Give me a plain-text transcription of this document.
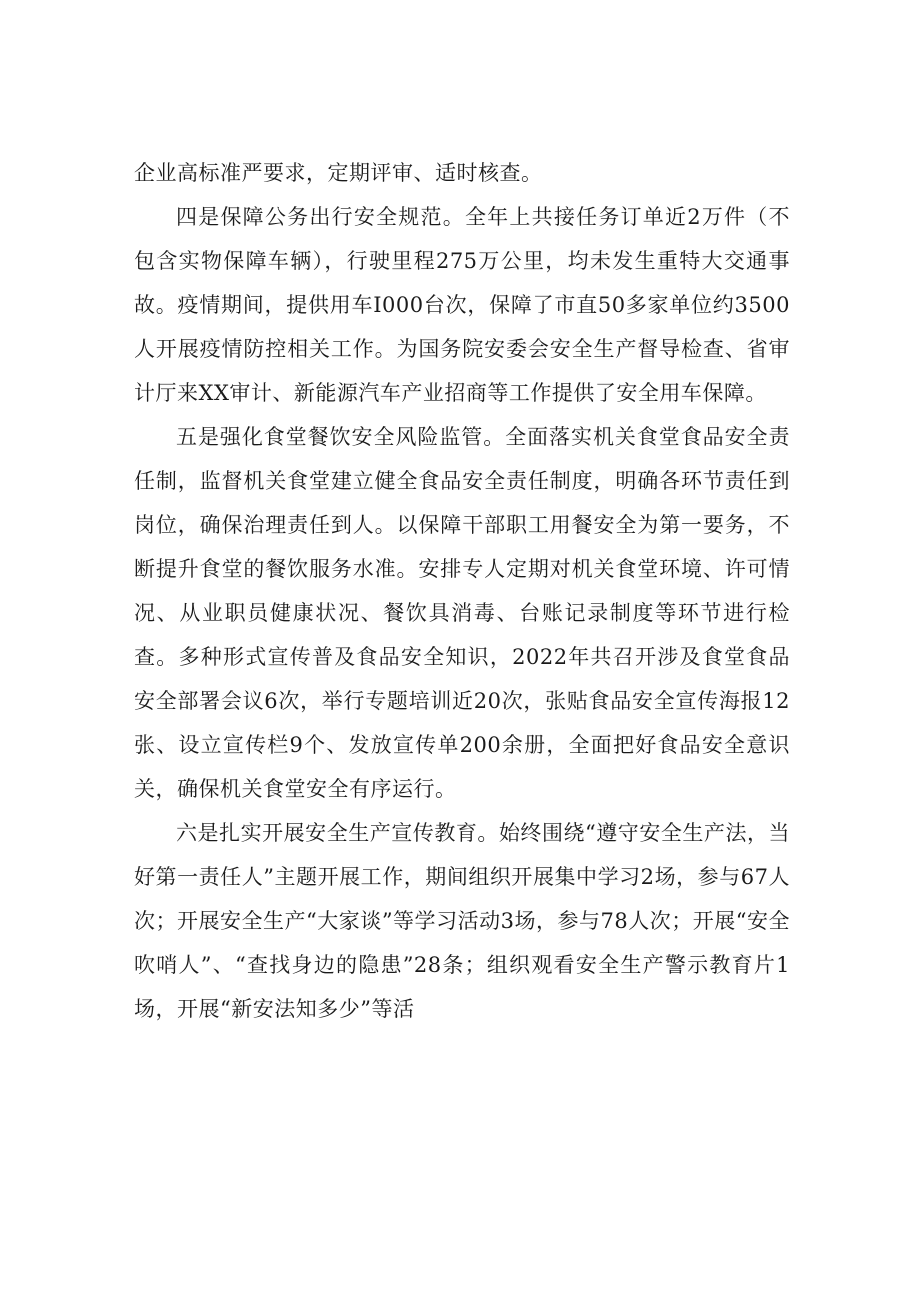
企业高标准严要求，定期评审、适时核查。

四是保障公务出行安全规范。全年上共接任务订单近2万件（不包含实物保障车辆），行驶里程275万公里，均未发生重特大交通事故。疫情期间，提供用车I000台次，保障了市直50多家单位约3500人开展疫情防控相关工作。为国务院安委会安全生产督导检查、省审计厅来XX审计、新能源汽车产业招商等工作提供了安全用车保障。

五是强化食堂餐饮安全风险监管。全面落实机关食堂食品安全责任制，监督机关食堂建立健全食品安全责任制度，明确各环节责任到岗位，确保治理责任到人。以保障干部职工用餐安全为第一要务，不断提升食堂的餐饮服务水准。安排专人定期对机关食堂环境、许可情况、从业职员健康状况、餐饮具消毒、台账记录制度等环节进行检查。多种形式宣传普及食品安全知识，2022年共召开涉及食堂食品安全部署会议6次，举行专题培训近20次，张贴食品安全宣传海报12张、设立宣传栏9个、发放宣传单200余册，全面把好食品安全意识关，确保机关食堂安全有序运行。

六是扎实开展安全生产宣传教育。始终围绕“遵守安全生产法，当好第一责任人”主题开展工作，期间组织开展集中学习2场，参与67人次；开展安全生产“大家谈”等学习活动3场，参与78人次；开展“安全吹哨人”、“查找身边的隐患”28条；组织观看安全生产警示教育片1场，开展“新安法知多少”等活
